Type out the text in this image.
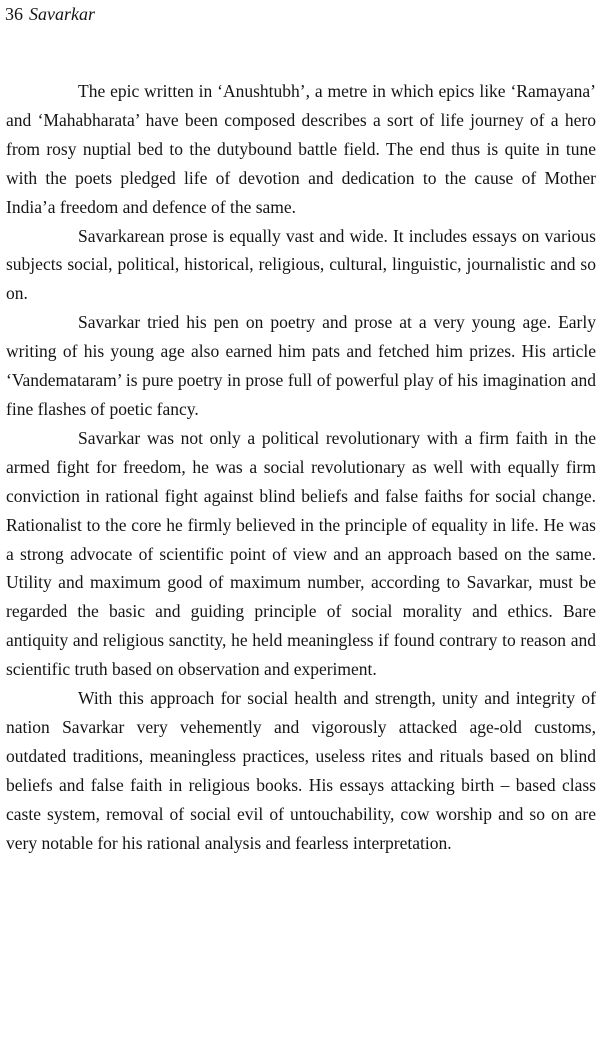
36 Savarkar

The epic written in ‘Anushtubh’, a metre in which epics like ‘Ramayana’ and ‘Mahabharata’ have been composed describes a sort of life journey of a hero from rosy nuptial bed to the dutybound battle field. The end thus is quite in tune with the poets pledged life of devotion and dedication to the cause of Mother India’a freedom and defence of the same.

Savarkarean prose is equally vast and wide. It includes essays on various subjects social, political, historical, religious, cultural, linguistic, journalistic and so on.

Savarkar tried his pen on poetry and prose at a very young age. Early writing of his young age also earned him pats and fetched him prizes. His article ‘Vandemataram’ is pure poetry in prose full of powerful play of his imagination and fine flashes of poetic fancy.

Savarkar was not only a political revolutionary with a firm faith in the armed fight for freedom, he was a social revolutionary as well with equally firm conviction in rational fight against blind beliefs and false faiths for social change. Rationalist to the core he firmly believed in the principle of equality in life. He was a strong advocate of scientific point of view and an approach based on the same. Utility and maximum good of maximum number, according to Savarkar, must be regarded the basic and guiding principle of social morality and ethics. Bare antiquity and religious sanctity, he held meaningless if found contrary to reason and scientific truth based on observation and experiment.

With this approach for social health and strength, unity and integrity of nation Savarkar very vehemently and vigorously attacked age-old customs, outdated traditions, meaningless practices, useless rites and rituals based on blind beliefs and false faith in religious books. His essays attacking birth – based class caste system, removal of social evil of untouchability, cow worship and so on are very notable for his rational analysis and fearless interpretation.
